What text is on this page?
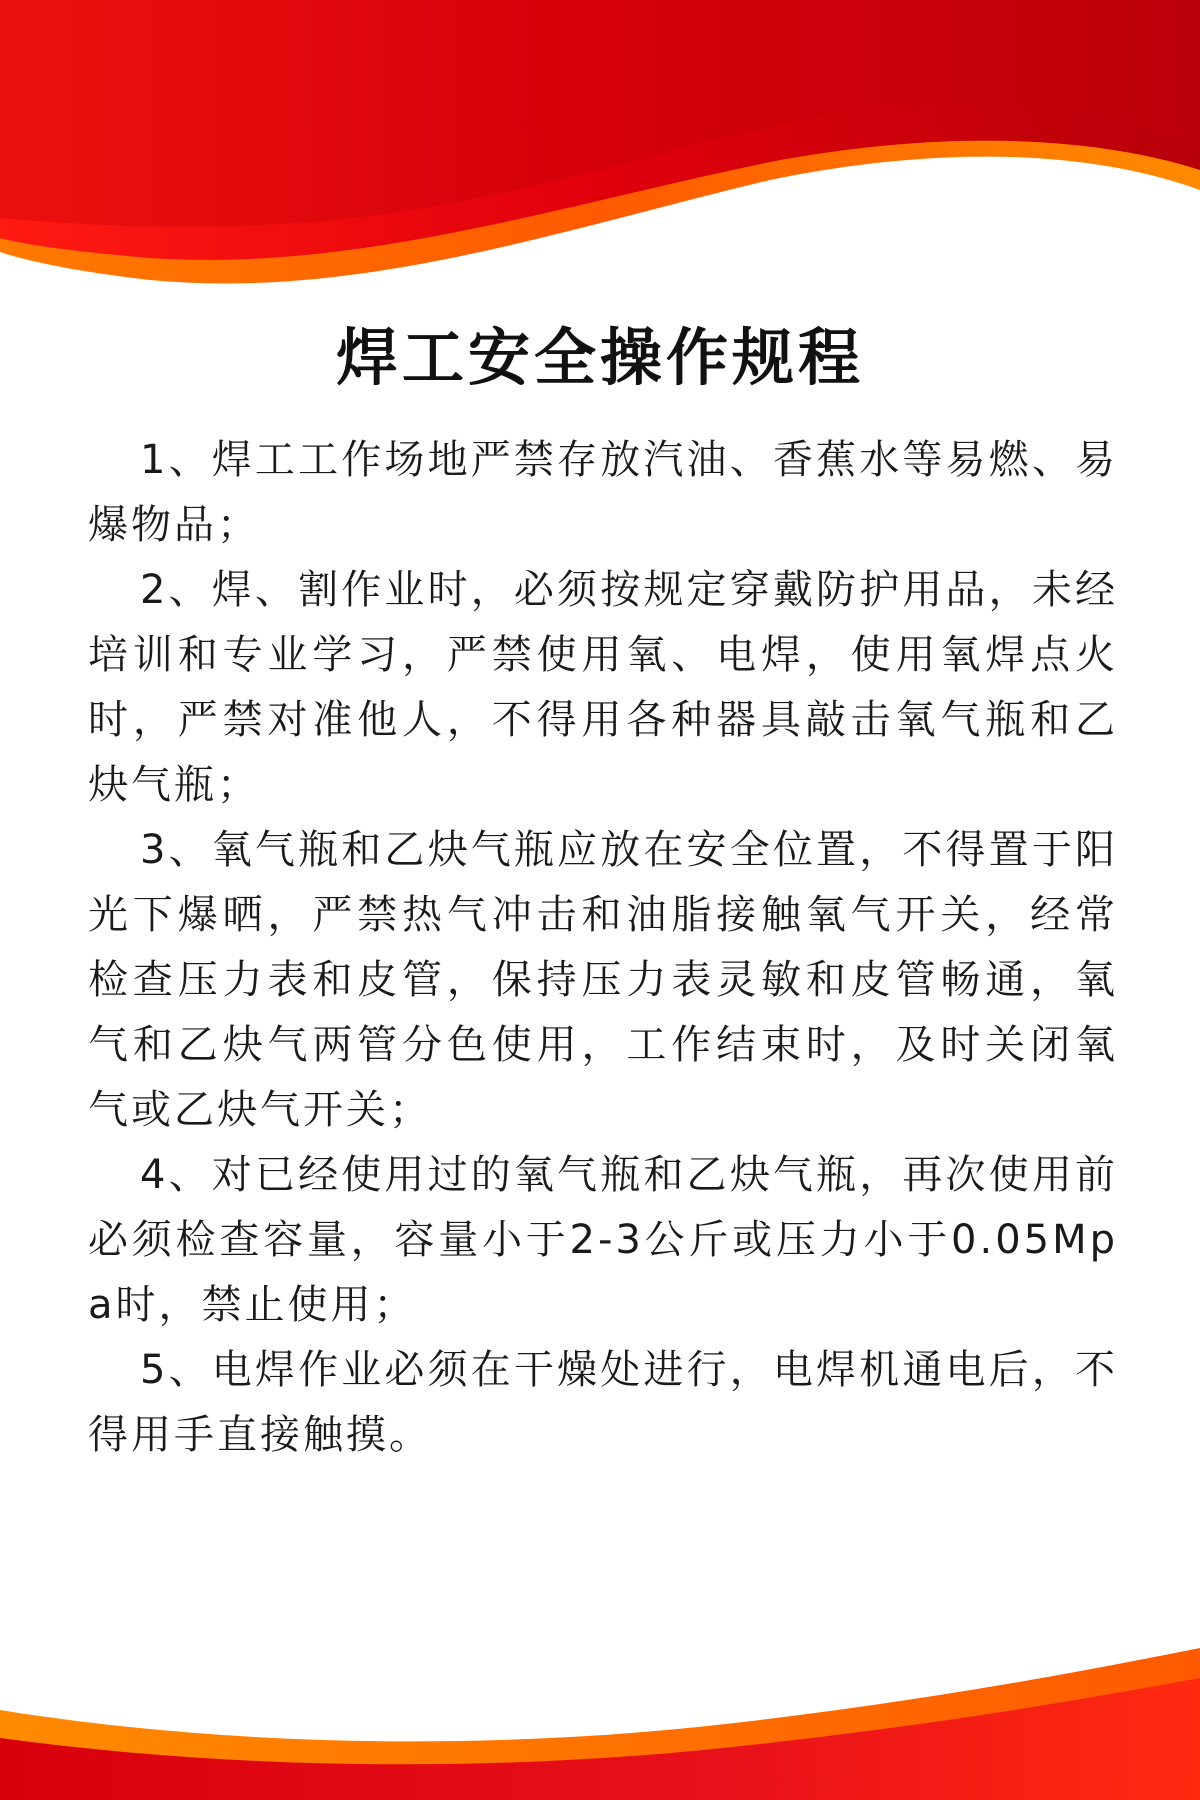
焊工安全操作规程

1、焊工工作场地严禁存放汽油、香蕉水等易燃、易爆物品；

2、焊、割作业时，必须按规定穿戴防护用品，未经培训和专业学习，严禁使用氧、电焊，使用氧焊点火时，严禁对准他人，不得用各种器具敲击氧气瓶和乙炔气瓶；

3、氧气瓶和乙炔气瓶应放在安全位置，不得置于阳光下爆晒，严禁热气冲击和油脂接触氧气开关，经常检查压力表和皮管，保持压力表灵敏和皮管畅通，氧气和乙炔气两管分色使用，工作结束时，及时关闭氧气或乙炔气开关；

4、对已经使用过的氧气瓶和乙炔气瓶，再次使用前必须检查容量，容量小于2-3公斤或压力小于0.05Mpa时，禁止使用；

5、电焊作业必须在干燥处进行，电焊机通电后，不得用手直接触摸。
